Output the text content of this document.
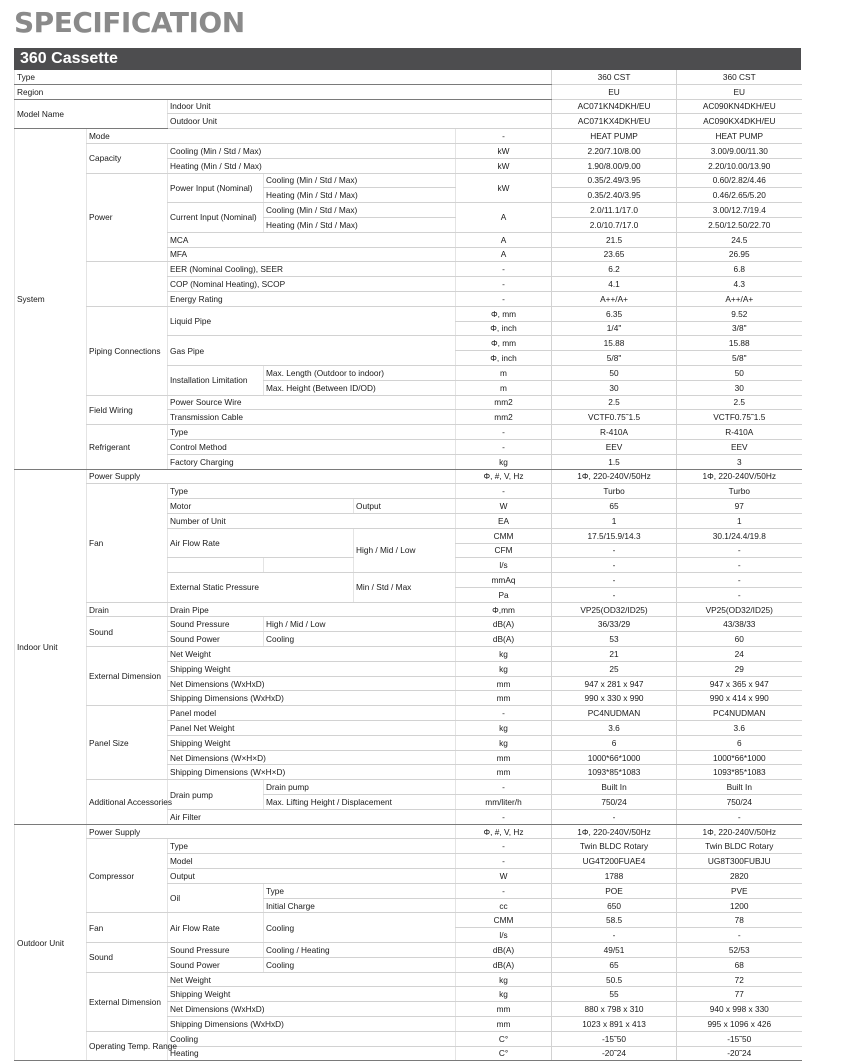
SPECIFICATION
360 Cassette
Type						360 CST	360 CST
Region						EU	EU
Model Name		Indoor Unit				AC071KN4DKH/EU	AC090KN4DKH/EU
		Outdoor Unit				AC071KX4DKH/EU	AC090KX4DKH/EU
System	Mode				-	HEAT PUMP	HEAT PUMP
	Capacity	Cooling (Min / Std / Max)			kW	2.20/7.10/8.00	3.00/9.00/11.30
		Heating (Min / Std / Max)			kW	1.90/8.00/9.00	2.20/10.00/13.90
	Power	Power Input (Nominal)	Cooling (Min / Std / Max)		kW	0.35/2.49/3.95	0.60/2.82/4.46
			Heating (Min / Std / Max)			0.35/2.40/3.95	0.46/2.65/5.20
		Current Input (Nominal)	Cooling (Min / Std / Max)		A	2.0/11.1/17.0	3.00/12.7/19.4
			Heating (Min / Std / Max)			2.0/10.7/17.0	2.50/12.50/22.70
		MCA			A	21.5	24.5
		MFA			A	23.65	26.95
		EER (Nominal Cooling), SEER			-	6.2	6.8
		COP (Nominal Heating), SCOP			-	4.1	4.3
		Energy Rating			-	A++/A+	A++/A+
	Piping Connections	Liquid Pipe			Φ, mm	6.35	9.52
					Φ, inch	1/4"	3/8"
		Gas Pipe			Φ, mm	15.88	15.88
					Φ, inch	5/8"	5/8"
		Installation Limitation	Max. Length (Outdoor to indoor)		m	50	50
			Max. Height (Between ID/OD)		m	30	30
	Field Wiring	Power Source Wire			mm2	2.5	2.5
		Transmission Cable			mm2	VCTF0.75˜1.5	VCTF0.75˜1.5
	Refrigerant	Type			-	R-410A	R-410A
		Control Method			-	EEV	EEV
		Factory Charging			kg	1.5	3
Indoor Unit	Power Supply				Φ, #, V, Hz	1Φ, 220-240V/50Hz	1Φ, 220-240V/50Hz
	Fan	Type			-	Turbo	Turbo
		Motor		Output	W	65	97
		Number of Unit			EA	1	1
		Air Flow Rate		High / Mid / Low	CMM	17.5/15.9/14.3	30.1/24.4/19.8
					CFM	-	-
					l/s	-	-
		External Static Pressure		Min / Std / Max	mmAq	-	-
					Pa	-	-
	Drain	Drain Pipe			Φ,mm	VP25(OD32/ID25)	VP25(OD32/ID25)
	Sound	Sound Pressure	High / Mid / Low		dB(A)	36/33/29	43/38/33
		Sound Power	Cooling		dB(A)	53	60
	External Dimension	Net Weight			kg	21	24
		Shipping Weight			kg	25	29
		Net Dimensions (WxHxD)			mm	947 x 281 x 947	947 x 365 x 947
		Shipping Dimensions (WxHxD)			mm	990 x 330 x 990	990 x 414 x 990
	Panel Size	Panel model			-	PC4NUDMAN	PC4NUDMAN
		Panel Net Weight			kg	3.6	3.6
		Shipping Weight			kg	6	6
		Net Dimensions (W×H×D)			mm	1000*66*1000	1000*66*1000
		Shipping Dimensions (W×H×D)			mm	1093*85*1083	1093*85*1083
	Additional Accessories	Drain pump	Drain pump		-	Built In	Built In
			Max. Lifting Height / Displacement		mm/liter/h	750/24	750/24
		Air Filter			-	-	-
Outdoor Unit	Power Supply				Φ, #, V, Hz	1Φ, 220-240V/50Hz	1Φ, 220-240V/50Hz
	Compressor	Type			-	Twin BLDC Rotary	Twin BLDC Rotary
		Model			-	UG4T200FUAE4	UG8T300FUBJU
		Output			W	1788	2820
		Oil	Type		-	POE	PVE
			Initial Charge		cc	650	1200
	Fan	Air Flow Rate	Cooling		CMM	58.5	78
					l/s	-	-
	Sound	Sound Pressure	Cooling / Heating		dB(A)	49/51	52/53
		Sound Power	Cooling		dB(A)	65	68
	External Dimension	Net Weight			kg	50.5	72
		Shipping Weight			kg	55	77
		Net Dimensions (WxHxD)			mm	880 x 798 x 310	940 x 998 x 330
		Shipping Dimensions (WxHxD)			mm	1023 x 891 x 413	995 x 1096 x 426
	Operating Temp. Range	Cooling			C°	-15˜50	-15˜50
		Heating			C°	-20˜24	-20˜24
